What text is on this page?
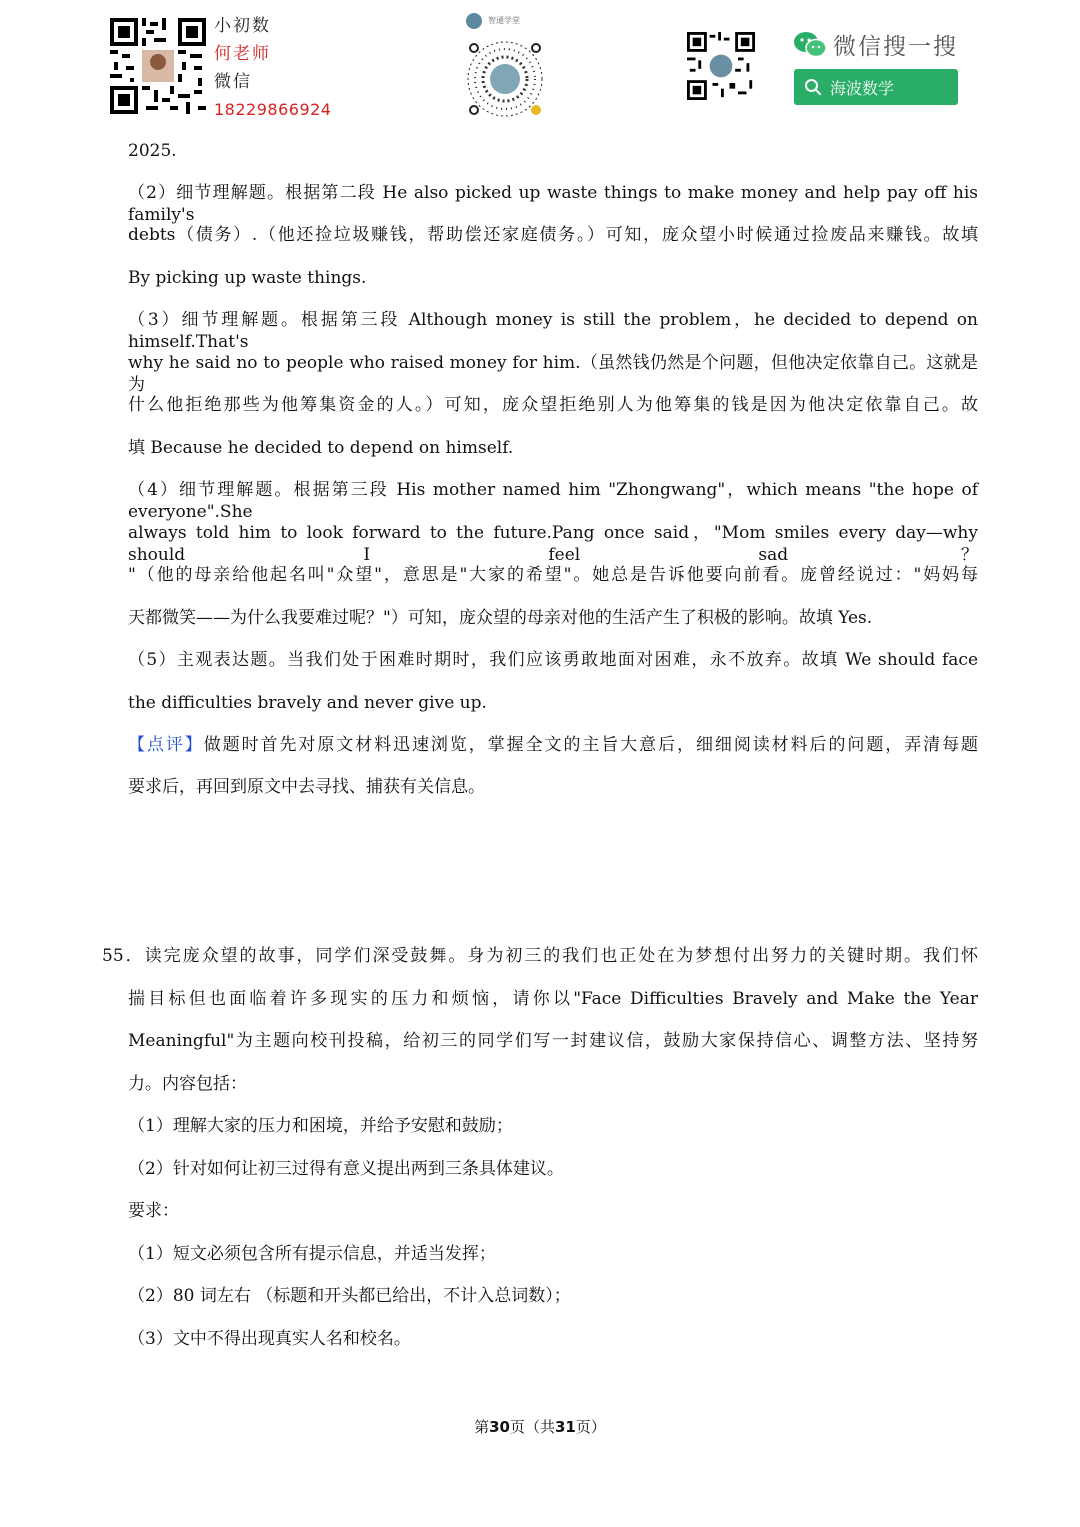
小初数
何老师
微信
18229866924
智通学堂
微信搜一搜
海波数学
2025.
（2）细节理解题。根据第二段 He also picked up waste things to make money and help pay off his family's
debts（债务）.（他还捡垃圾赚钱，帮助偿还家庭债务。）可知，庞众望小时候通过捡废品来赚钱。故填
By picking up waste things.
（3）细节理解题。根据第三段 Although money is still the problem，he decided to depend on himself.That's
why he said no to people who raised money for him.（虽然钱仍然是个问题，但他决定依靠自己。这就是为
什么他拒绝那些为他筹集资金的人。）可知，庞众望拒绝别人为他筹集的钱是因为他决定依靠自己。故
填 Because he decided to depend on himself.
（4）细节理解题。根据第三段 His mother named him "Zhongwang"，which means "the hope of everyone".She
always told him to look forward to the future.Pang once said，"Mom smiles every day—why should I feel sad？
"（他的母亲给他起名叫"众望"，意思是"大家的希望"。她总是告诉他要向前看。庞曾经说过："妈妈每
天都微笑——为什么我要难过呢？"）可知，庞众望的母亲对他的生活产生了积极的影响。故填 Yes.
（5）主观表达题。当我们处于困难时期时，我们应该勇敢地面对困难，永不放弃。故填 We should face
the difficulties bravely and never give up.
【点评】做题时首先对原文材料迅速浏览，掌握全文的主旨大意后，细细阅读材料后的问题，弄清每题
要求后，再回到原文中去寻找、捕获有关信息。
55．读完庞众望的故事，同学们深受鼓舞。身为初三的我们也正处在为梦想付出努力的关键时期。我们怀
揣目标但也面临着许多现实的压力和烦恼，请你以"Face Difficulties Bravely and Make the Year
Meaningful"为主题向校刊投稿，给初三的同学们写一封建议信，鼓励大家保持信心、调整方法、坚持努
力。内容包括：
（1）理解大家的压力和困境，并给予安慰和鼓励；
（2）针对如何让初三过得有意义提出两到三条具体建议。
要求：
（1）短文必须包含所有提示信息，并适当发挥；
（2）80 词左右 （标题和开头都已给出，不计入总词数）；
（3）文中不得出现真实人名和校名。
第30页（共31页）
